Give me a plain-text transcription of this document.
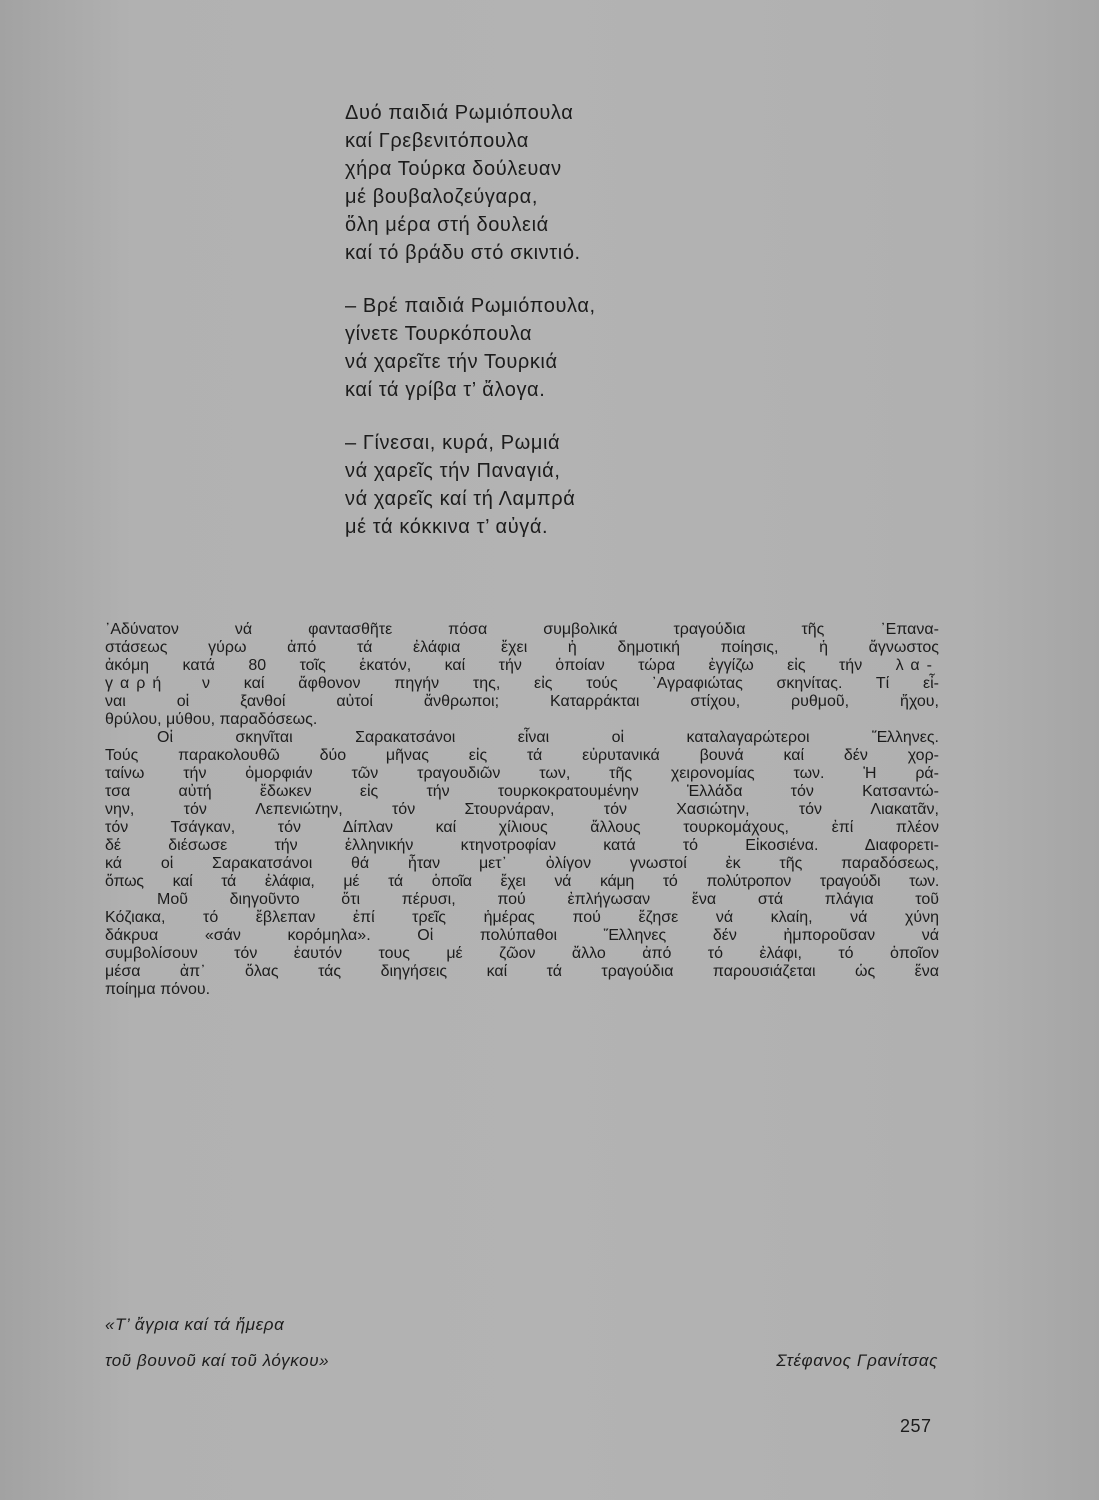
Δυό παιδιά Ρωμιόπουλα
καί Γρεβενιτόπουλα
χήρα Τούρκα δούλευαν
μέ βουβαλοζεύγαρα,
ὅλη μέρα στή δουλειά
καί τό βράδυ στό σκιντιό.
– Βρέ παιδιά Ρωμιόπουλα,
γίνετε Τουρκόπουλα
νά χαρεῖτε τήν Τουρκιά
καί τά γρίβα τ’ ἄλογα.
– Γίνεσαι, κυρά, Ρωμιά
νά χαρεῖς τήν Παναγιά,
νά χαρεῖς καί τή Λαμπρά
μέ τά κόκκινα τ’ αὐγά.
᾿Αδύνατον νά φαντασθῆτε πόσα συμβολικά τραγούδια τῆς ᾿Επανα-
στάσεως γύρω ἀπό τά ἐλάφια ἔχει ἡ δημοτική ποίησις, ἡ ἄγνωστος
ἀκόμη κατά 80 τοῖς ἑκατόν, καί τήν ὁποίαν τώρα ἐγγίζω εἰς τήν λα-
γαρή ν καί ἄφθονον πηγήν της, εἰς τούς ᾿Αγραφιώτας σκηνίτας. Τί εἶ-
ναι οἱ ξανθοί αὐτοί ἄνθρωποι; Καταρράκται στίχου, ρυθμοῦ, ἤχου,
θρύλου, μύθου, παραδόσεως.
Οἱ σκηνῖται Σαρακατσάνοι εἶναι οἱ καταλαγαρώτεροι Ἕλληνες.
Τούς παρακολουθῶ δύο μῆνας εἰς τά εὐρυτανικά βουνά καί δέν χορ-
ταίνω τήν ὀμορφιάν τῶν τραγουδιῶν των, τῆς χειρονομίας των. Ἡ ρά-
τσα αὐτή ἔδωκεν εἰς τήν τουρκοκρατουμένην Ἑλλάδα τόν Κατσαντώ-
νην, τόν Λεπενιώτην, τόν Στουρνάραν, τόν Χασιώτην, τόν Λιακατᾶν,
τόν Τσάγκαν, τόν Δίπλαν καί χίλιους ἄλλους τουρκομάχους, ἐπί πλέον
δέ διέσωσε τήν ἑλληνικήν κτηνοτροφίαν κατά τό Εἰκοσιένα. Διαφορετι-
κά οἱ Σαρακατσάνοι θά ἦταν μετ᾿ ὀλίγον γνωστοί ἐκ τῆς παραδόσεως,
ὅπως καί τά ἐλάφια, μέ τά ὁποῖα ἔχει νά κάμη τό πολύτροπον τραγούδι των.
Μοῦ διηγοῦντο ὅτι πέρυσι, πού ἐπλήγωσαν ἕνα στά πλάγια τοῦ
Κόζιακα, τό ἔβλεπαν ἐπί τρεῖς ἡμέρας πού ἔζησε νά κλαίη, νά χύνη
δάκρυα «σάν κορόμηλα». Οἱ πολύπαθοι Ἕλληνες δέν ἠμποροῦσαν νά
συμβολίσουν τόν ἑαυτόν τους μέ ζῶον ἄλλο ἀπό τό ἐλάφι, τό ὁποῖον
μέσα ἀπ᾿ ὅλας τάς διηγήσεις καί τά τραγούδια παρουσιάζεται ὡς ἕνα
ποίημα πόνου.
«Τ’ ἄγρια καί τά ἥμερα
τοῦ βουνοῦ καί τοῦ λόγκου»	Στέφανος Γρανίτσας
257
